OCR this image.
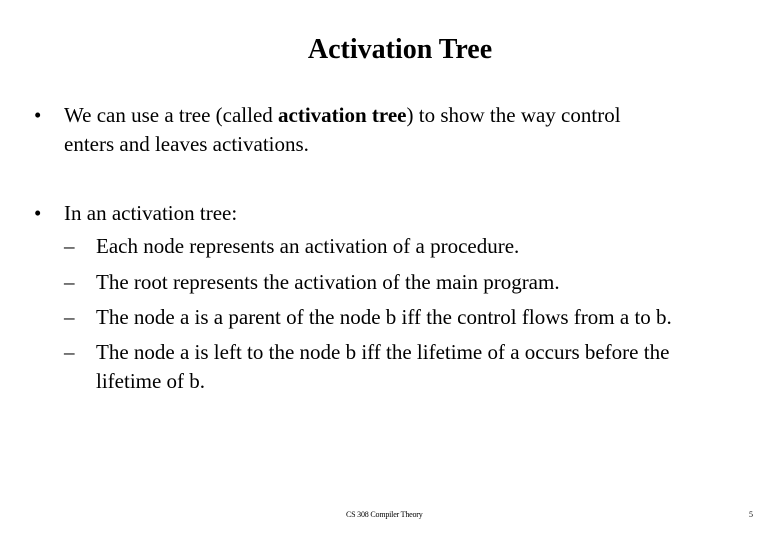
Activation Tree
• We can use a tree (called activation tree) to show the way control
enters and leaves activations.
• In an activation tree:
– Each node represents an activation of a procedure.
– The root represents the activation of the main program.
– The node a is a parent of the node b iff the control flows from a to b.
– The node a is left to the node b iff the lifetime of a occurs before the
lifetime of b.
CS 308 Compiler Theory	5
